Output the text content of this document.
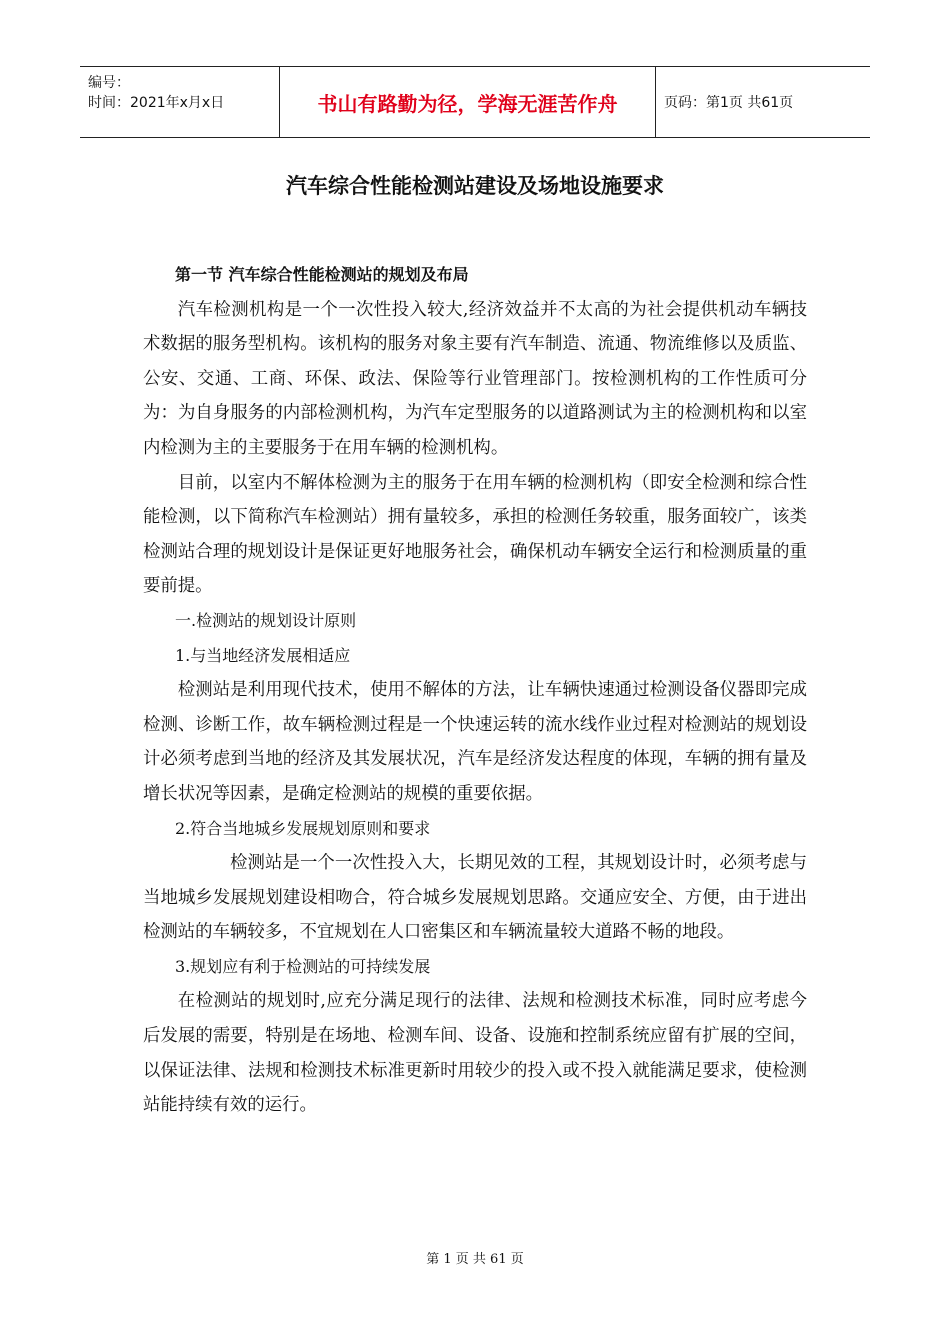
编号：
时间：2021年x月x日	书山有路勤为径，学海无涯苦作舟	页码：第1页 共61页
汽车综合性能检测站建设及场地设施要求

第一节 汽车综合性能检测站的规划及布局

汽车检测机构是一个一次性投入较大,经济效益并不太高的为社会提供机动车辆技术数据的服务型机构。该机构的服务对象主要有汽车制造、流通、物流维修以及质监、公安、交通、工商、环保、政法、保险等行业管理部门。按检测机构的工作性质可分为：为自身服务的内部检测机构，为汽车定型服务的以道路测试为主的检测机构和以室内检测为主的主要服务于在用车辆的检测机构。

目前，以室内不解体检测为主的服务于在用车辆的检测机构（即安全检测和综合性能检测，以下简称汽车检测站）拥有量较多，承担的检测任务较重，服务面较广，该类检测站合理的规划设计是保证更好地服务社会，确保机动车辆安全运行和检测质量的重要前提。

一.检测站的规划设计原则

1.与当地经济发展相适应

检测站是利用现代技术，使用不解体的方法，让车辆快速通过检测设备仪器即完成检测、诊断工作，故车辆检测过程是一个快速运转的流水线作业过程对检测站的规划设计必须考虑到当地的经济及其发展状况，汽车是经济发达程度的体现，车辆的拥有量及增长状况等因素，是确定检测站的规模的重要依据。

2.符合当地城乡发展规划原则和要求

检测站是一个一次性投入大，长期见效的工程，其规划设计时，必须考虑与当地城乡发展规划建设相吻合，符合城乡发展规划思路。交通应安全、方便，由于进出检测站的车辆较多，不宜规划在人口密集区和车辆流量较大道路不畅的地段。

3.规划应有利于检测站的可持续发展

在检测站的规划时,应充分满足现行的法律、法规和检测技术标准，同时应考虑今后发展的需要，特别是在场地、检测车间、设备、设施和控制系统应留有扩展的空间，以保证法律、法规和检测技术标准更新时用较少的投入或不投入就能满足要求，使检测站能持续有效的运行。

第 1 页 共 61 页
